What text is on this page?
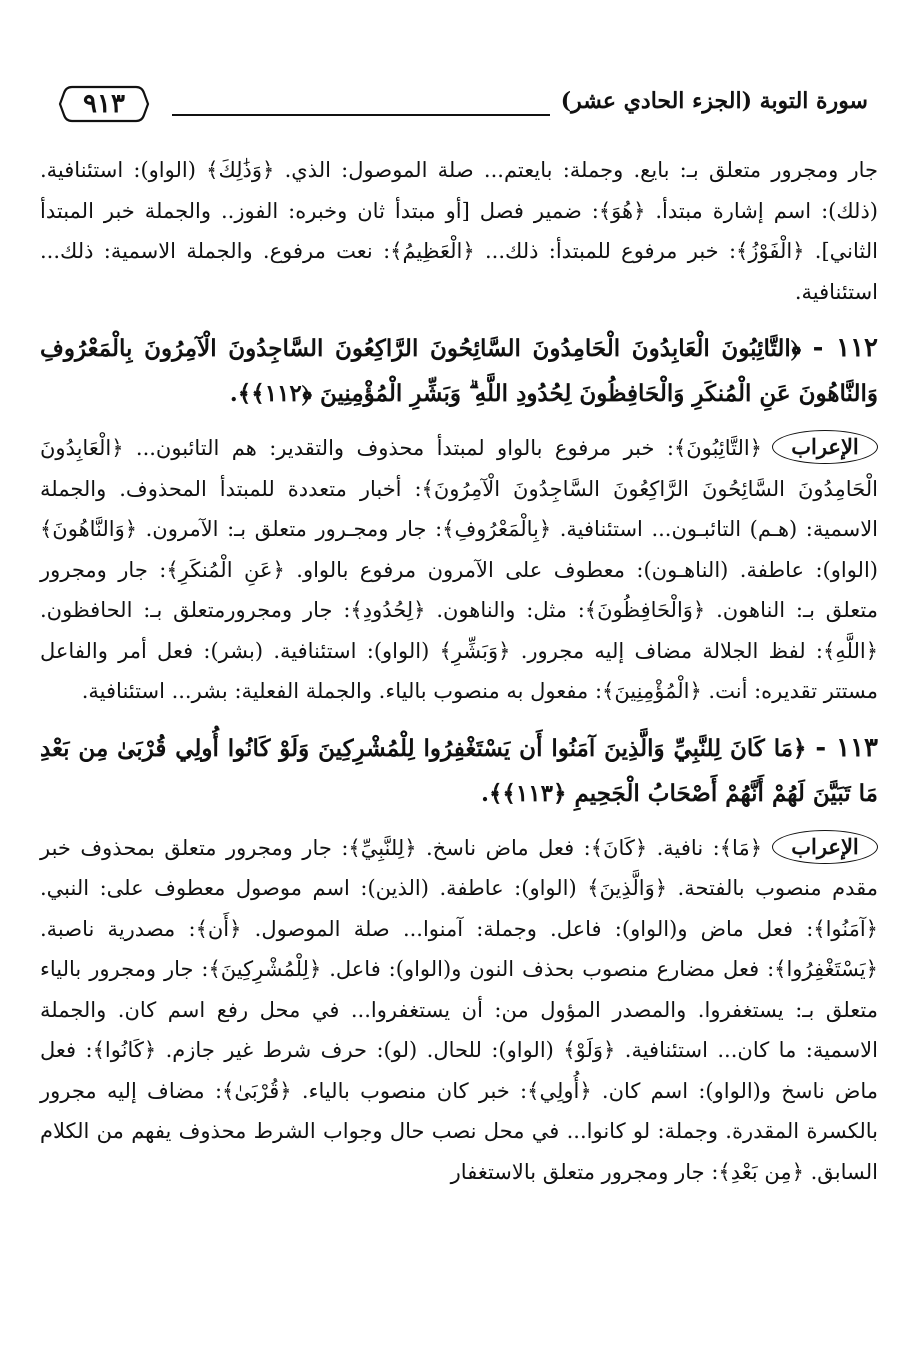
٩١٣	سورة التوبة (الجزء الحادي عشر)

جار ومجرور متعلق بـ: بايع. وجملة: بايعتم... صلة الموصول: الذي. ﴿وَذَٰلِكَ﴾ (الواو): استئنافية. (ذلك): اسم إشارة مبتدأ. ﴿هُوَ﴾: ضمير فصل [أو مبتدأ ثان وخبره: الفوز.. والجملة خبر المبتدأ الثاني]. ﴿الْفَوْزُ﴾: خبر مرفوع للمبتدأ: ذلك... ﴿الْعَظِيمُ﴾: نعت مرفوع. والجملة الاسمية: ذلك... استئنافية.

١١٢ - ﴿التَّائِبُونَ الْعَابِدُونَ الْحَامِدُونَ السَّائِحُونَ الرَّاكِعُونَ السَّاجِدُونَ الْآمِرُونَ بِالْمَعْرُوفِ وَالنَّاهُونَ عَنِ الْمُنكَرِ وَالْحَافِظُونَ لِحُدُودِ اللَّهِ ۗ وَبَشِّرِ الْمُؤْمِنِينَ ﴿١١٢﴾﴾.
الإعراب

﴿التَّائِبُونَ﴾: خبر مرفوع بالواو لمبتدأ محذوف والتقدير: هم التائبون... ﴿الْعَابِدُونَ الْحَامِدُونَ السَّائِحُونَ الرَّاكِعُونَ السَّاجِدُونَ الْآمِرُونَ﴾: أخبار متعددة للمبتدأ المحذوف. والجملة الاسمية: (هـم) التائبـون... استئنافية. ﴿بِالْمَعْرُوفِ﴾: جار ومجـرور متعلق بـ: الآمرون. ﴿وَالنَّاهُونَ﴾ (الواو): عاطفة. (الناهـون): معطوف على الآمرون مرفوع بالواو. ﴿عَنِ الْمُنكَرِ﴾: جار ومجرور متعلق بـ: الناهون. ﴿وَالْحَافِظُونَ﴾: مثل: والناهون. ﴿لِحُدُودِ﴾: جار ومجرورمتعلق بـ: الحافظون. ﴿اللَّهِ﴾: لفظ الجلالة مضاف إليه مجرور. ﴿وَبَشِّرِ﴾ (الواو): استئنافية. (بشر): فعل أمر والفاعل مستتر تقديره: أنت. ﴿الْمُؤْمِنِينَ﴾: مفعول به منصوب بالياء. والجملة الفعلية: بشر... استئنافية.

١١٣ - ﴿مَا كَانَ لِلنَّبِيِّ وَالَّذِينَ آمَنُوا أَن يَسْتَغْفِرُوا لِلْمُشْرِكِينَ وَلَوْ كَانُوا أُولِي قُرْبَىٰ مِن بَعْدِ مَا تَبَيَّنَ لَهُمْ أَنَّهُمْ أَصْحَابُ الْجَحِيمِ ﴿١١٣﴾﴾.
الإعراب

﴿مَا﴾: نافية. ﴿كَانَ﴾: فعل ماض ناسخ. ﴿لِلنَّبِيِّ﴾: جار ومجرور متعلق بمحذوف خبر مقدم منصوب بالفتحة. ﴿وَالَّذِينَ﴾ (الواو): عاطفة. (الذين): اسم موصول معطوف على: النبي. ﴿آمَنُوا﴾: فعل ماض و(الواو): فاعل. وجملة: آمنوا... صلة الموصول. ﴿أَن﴾: مصدرية ناصبة. ﴿يَسْتَغْفِرُوا﴾: فعل مضارع منصوب بحذف النون و(الواو): فاعل. ﴿لِلْمُشْرِكِينَ﴾: جار ومجرور بالياء متعلق بـ: يستغفروا. والمصدر المؤول من: أن يستغفروا... في محل رفع اسم كان. والجملة الاسمية: ما كان... استئنافية. ﴿وَلَوْ﴾ (الواو): للحال. (لو): حرف شرط غير جازم. ﴿كَانُوا﴾: فعل ماض ناسخ و(الواو): اسم كان. ﴿أُولِي﴾: خبر كان منصوب بالياء. ﴿قُرْبَىٰ﴾: مضاف إليه مجرور بالكسرة المقدرة. وجملة: لو كانوا... في محل نصب حال وجواب الشرط محذوف يفهم من الكلام السابق. ﴿مِن بَعْدِ﴾: جار ومجرور متعلق بالاستغفار
